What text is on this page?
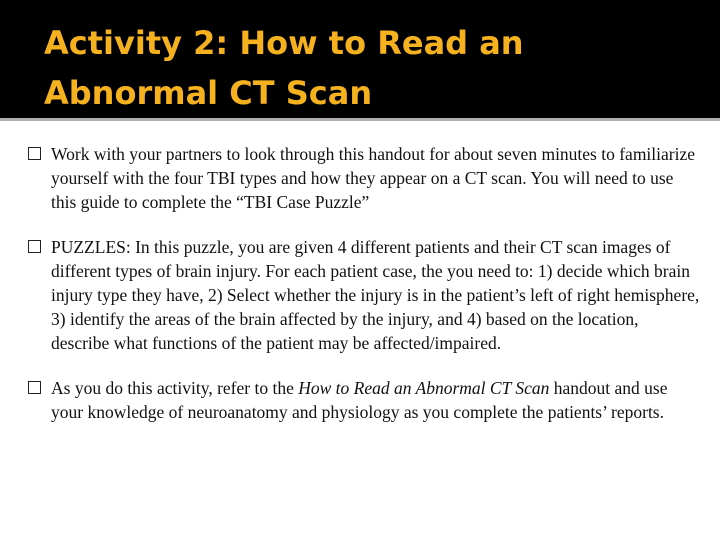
Activity 2: How to Read an Abnormal CT Scan
Work with your partners to look through this handout for about seven minutes to familiarize yourself with the four TBI types and how they appear on a CT scan. You will need to use this guide to complete the “TBI Case Puzzle”
PUZZLES: In this puzzle, you are given 4 different patients and their CT scan images of different types of brain injury. For each patient case, the you need to: 1) decide which brain injury type they have, 2) Select whether the injury is in the patient’s left of right hemisphere, 3) identify the areas of the brain affected by the injury, and 4) based on the location, describe what functions of the patient may be affected/impaired.
As you do this activity, refer to the How to Read an Abnormal CT Scan handout and use your knowledge of neuroanatomy and physiology as you complete the patients’ reports.
